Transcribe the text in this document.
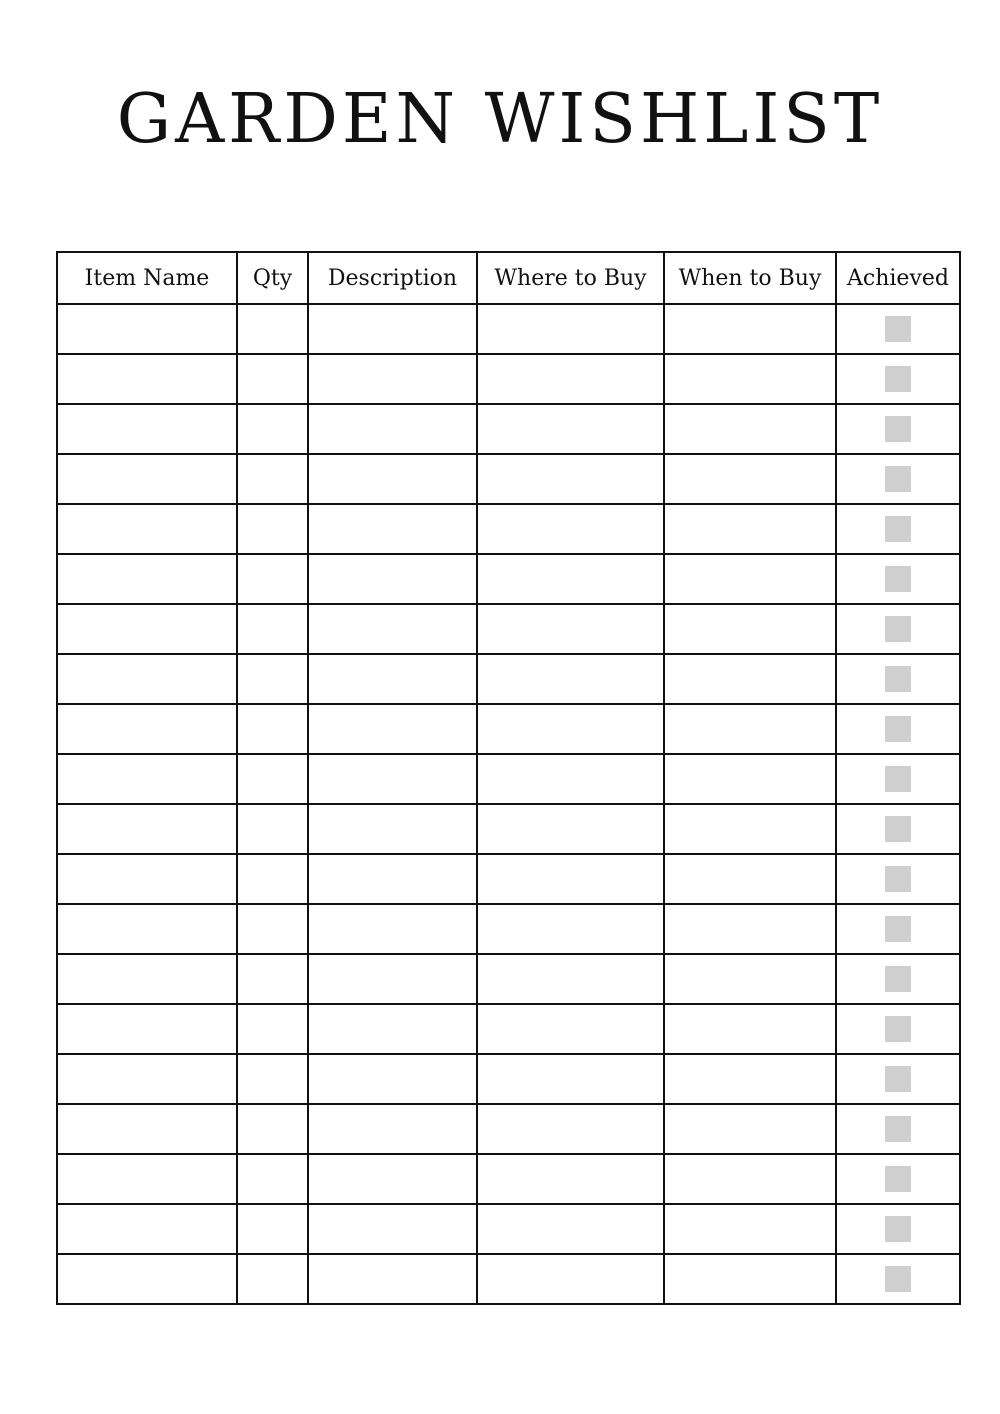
GARDEN WISHLIST
Item Name	Qty	Description	Where to Buy	When to Buy	Achieved
